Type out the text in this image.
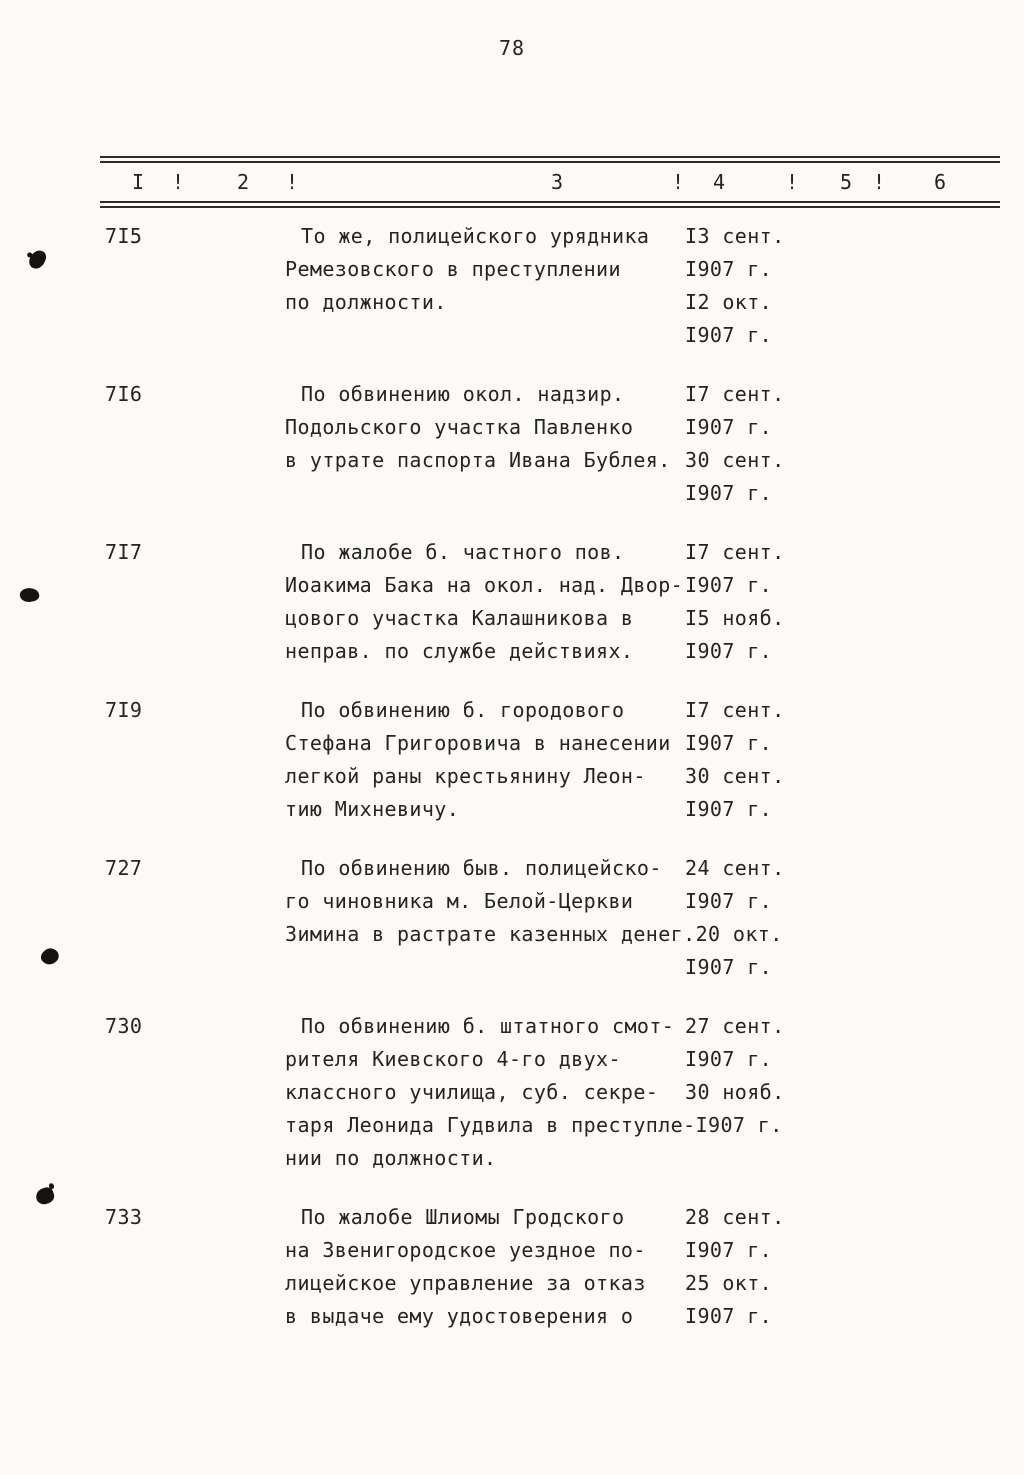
78
I !	2 !	3	! 4	! 5 ! 6
7I5	То же, полицейского урядника	I3 сент.
Ремезовского в преступлении	I907 г.
по должности.	I2 окт.
I907 г.
7I6	По обвинению окол. надзир.	I7 сент.
Подольского участка Павленко	I907 г.
в утрате паспорта Ивана Бублея. 30 сент.
I907 г.
7I7	По жалобе б. частного пов.	I7 сент.
Иоакима Бака на окол. над. Двор- I907 г.
цового участка Калашникова в	I5 нояб.
неправ. по службе действиях.	I907 г.
7I9	По обвинению б. городового	I7 сент.
Стефана Григоровича в нанесении I907 г.
легкой раны крестьянину Леон-	30 сент.
тию Михневичу.	I907 г.
727	По обвинению быв. полицейско-	24 сент.
го чиновника м. Белой-Церкви	I907 г.
Зимина в растрате казенных денег. 20 окт.
I907 г.
730	По обвинению б. штатного смот- 27 сент.
рителя Киевского 4-го двух-	I907 г.
классного училища, суб. секре-	30 нояб.
таря Леонида Гудвила в преступле- I907 г.
нии по должности.
733	По жалобе Шлиомы Гродского	28 сент.
на Звенигородское уездное по-	I907 г.
лицейское управление за отказ	25 окт.
в выдаче ему удостоверения о	I907 г.
